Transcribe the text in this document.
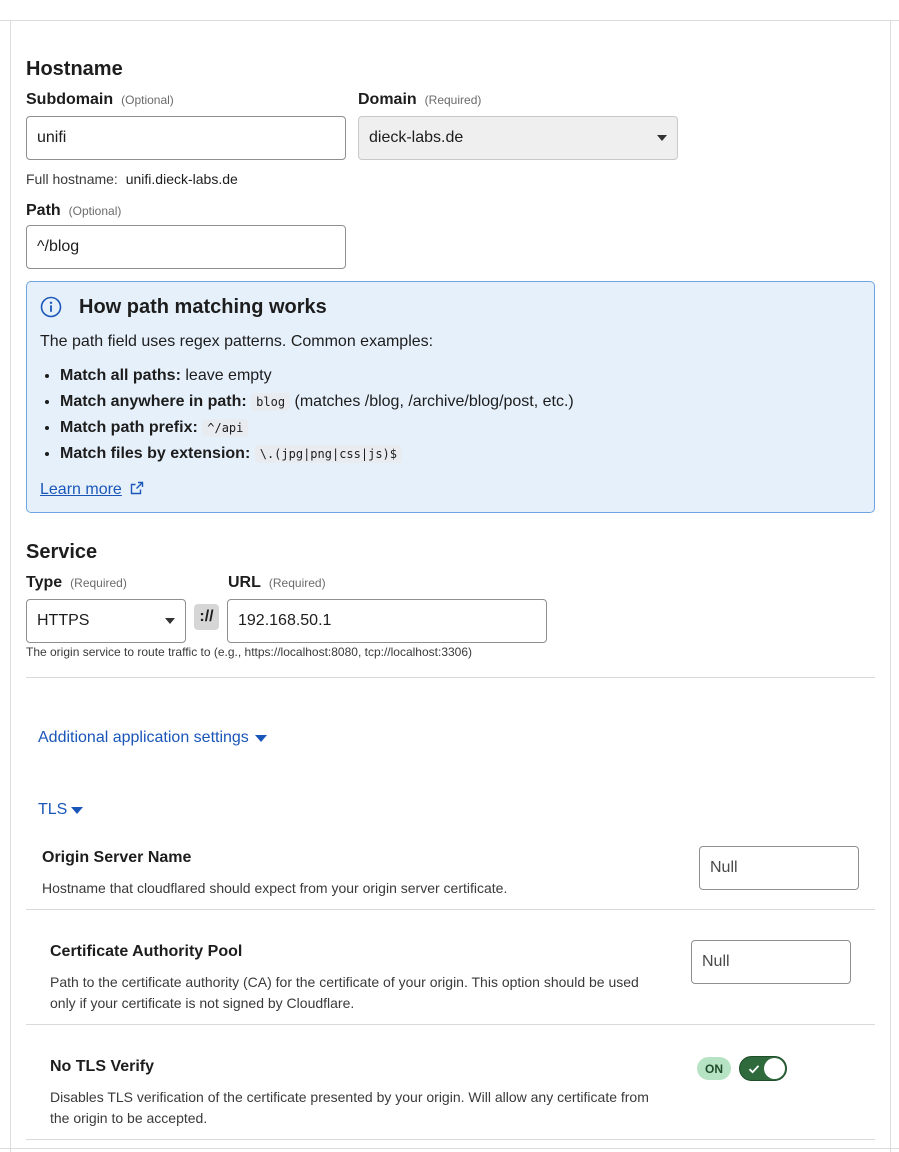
Hostname
Subdomain (Optional)
unifi
Domain (Required)
dieck-labs.de
Full hostname: unifi.dieck-labs.de
Path (Optional)
^/blog
How path matching works
The path field uses regex patterns. Common examples:
• Match all paths: leave empty
• Match anywhere in path: blog (matches /blog, /archive/blog/post, etc.)
• Match path prefix: ^/api
• Match files by extension: \.(jpg|png|css|js)$
Learn more
Service
Type (Required)
HTTPS	://
URL (Required)
192.168.50.1
The origin service to route traffic to (e.g., https://localhost:8080, tcp://localhost:3306)
Additional application settings
TLS
Origin Server Name
Hostname that cloudflared should expect from your origin server certificate.
Null
Certificate Authority Pool
Path to the certificate authority (CA) for the certificate of your origin. This option should be used only if your certificate is not signed by Cloudflare.
Null
No TLS Verify
Disables TLS verification of the certificate presented by your origin. Will allow any certificate from the origin to be accepted.
ON
